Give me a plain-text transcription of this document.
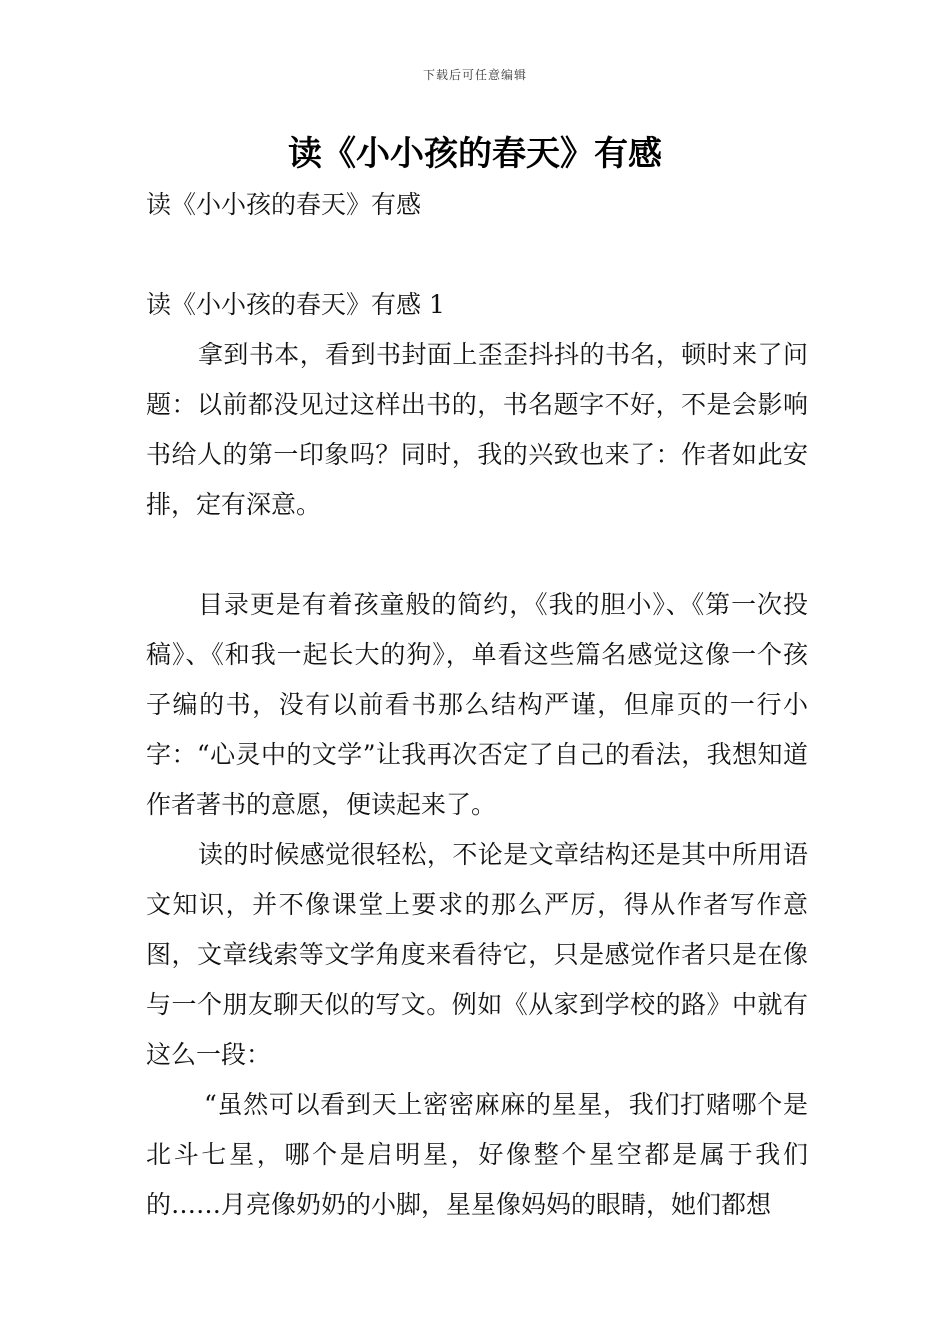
下载后可任意编辑
读《小小孩的春天》有感

读《小小孩的春天》有感

读《小小孩的春天》有感 1

拿到书本，看到书封面上歪歪抖抖的书名，顿时来了问题：以前都没见过这样出书的，书名题字不好，不是会影响书给人的第一印象吗？同时，我的兴致也来了：作者如此安排，定有深意。

目录更是有着孩童般的简约，《我的胆小》、《第一次投稿》、《和我一起长大的狗》，单看这些篇名感觉这像一个孩子编的书，没有以前看书那么结构严谨，但扉页的一行小字：“心灵中的文学”让我再次否定了自己的看法，我想知道作者著书的意愿，便读起来了。

读的时候感觉很轻松，不论是文章结构还是其中所用语文知识，并不像课堂上要求的那么严厉，得从作者写作意图，文章线索等文学角度来看待它，只是感觉作者只是在像与一个朋友聊天似的写文。例如《从家到学校的路》中就有这么一段：

“虽然可以看到天上密密麻麻的星星，我们打赌哪个是北斗七星，哪个是启明星，好像整个星空都是属于我们的……月亮像奶奶的小脚，星星像妈妈的眼睛，她们都想
